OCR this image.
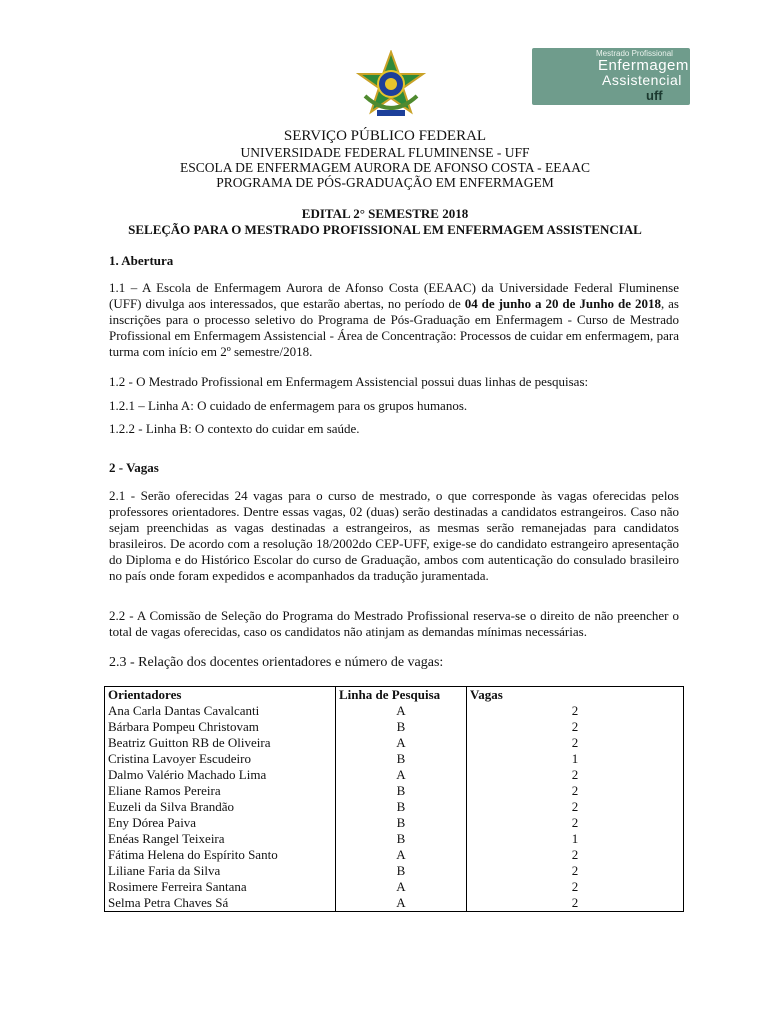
Mestrado Profissional
Enfermagem
Assistencial
uff
SERVIÇO PÚBLICO FEDERAL
UNIVERSIDADE FEDERAL FLUMINENSE - UFF
ESCOLA DE ENFERMAGEM AURORA DE AFONSO COSTA - EEAAC
PROGRAMA DE PÓS-GRADUAÇÃO EM ENFERMAGEM
EDITAL 2° SEMESTRE 2018
SELEÇÃO PARA O MESTRADO PROFISSIONAL EM ENFERMAGEM ASSISTENCIAL
1. Abertura
1.1 – A Escola de Enfermagem Aurora de Afonso Costa (EEAAC) da Universidade Federal Fluminense (UFF) divulga aos interessados, que estarão abertas, no período de 04 de junho a 20 de Junho de 2018, as inscrições para o processo seletivo do Programa de Pós-Graduação em Enfermagem - Curso de Mestrado Profissional em Enfermagem Assistencial - Área de Concentração: Processos de cuidar em enfermagem, para turma com início em 2º semestre/2018.
1.2 - O Mestrado Profissional em Enfermagem Assistencial possui duas linhas de pesquisas:
1.2.1 – Linha A: O cuidado de enfermagem para os grupos humanos.
1.2.2 - Linha B: O contexto do cuidar em saúde.
2 - Vagas
2.1 - Serão oferecidas 24 vagas para o curso de mestrado, o que corresponde às vagas oferecidas pelos professores orientadores. Dentre essas vagas, 02 (duas) serão destinadas a candidatos estrangeiros. Caso não sejam preenchidas as vagas destinadas a estrangeiros, as mesmas serão remanejadas para candidatos brasileiros. De acordo com a resolução 18/2002do CEP-UFF, exige-se do candidato estrangeiro apresentação do Diploma e do Histórico Escolar do curso de Graduação, ambos com autenticação do consulado brasileiro no país onde foram expedidos e acompanhados da tradução juramentada.
2.2 - A Comissão de Seleção do Programa do Mestrado Profissional reserva-se o direito de não preencher o total de vagas oferecidas, caso os candidatos não atinjam as demandas mínimas necessárias.
2.3 - Relação dos docentes orientadores e número de vagas:
Orientadores	Linha de Pesquisa	Vagas
Ana Carla Dantas Cavalcanti	A	2
Bárbara Pompeu Christovam	B	2
Beatriz Guitton RB de Oliveira	A	2
Cristina Lavoyer Escudeiro	B	1
Dalmo Valério Machado Lima	A	2
Eliane Ramos Pereira	B	2
Euzeli da Silva Brandão	B	2
Eny Dórea Paiva	B	2
Enéas Rangel Teixeira	B	1
Fátima Helena do Espírito Santo	A	2
Liliane Faria da Silva	B	2
Rosimere Ferreira Santana	A	2
Selma Petra Chaves Sá	A	2
